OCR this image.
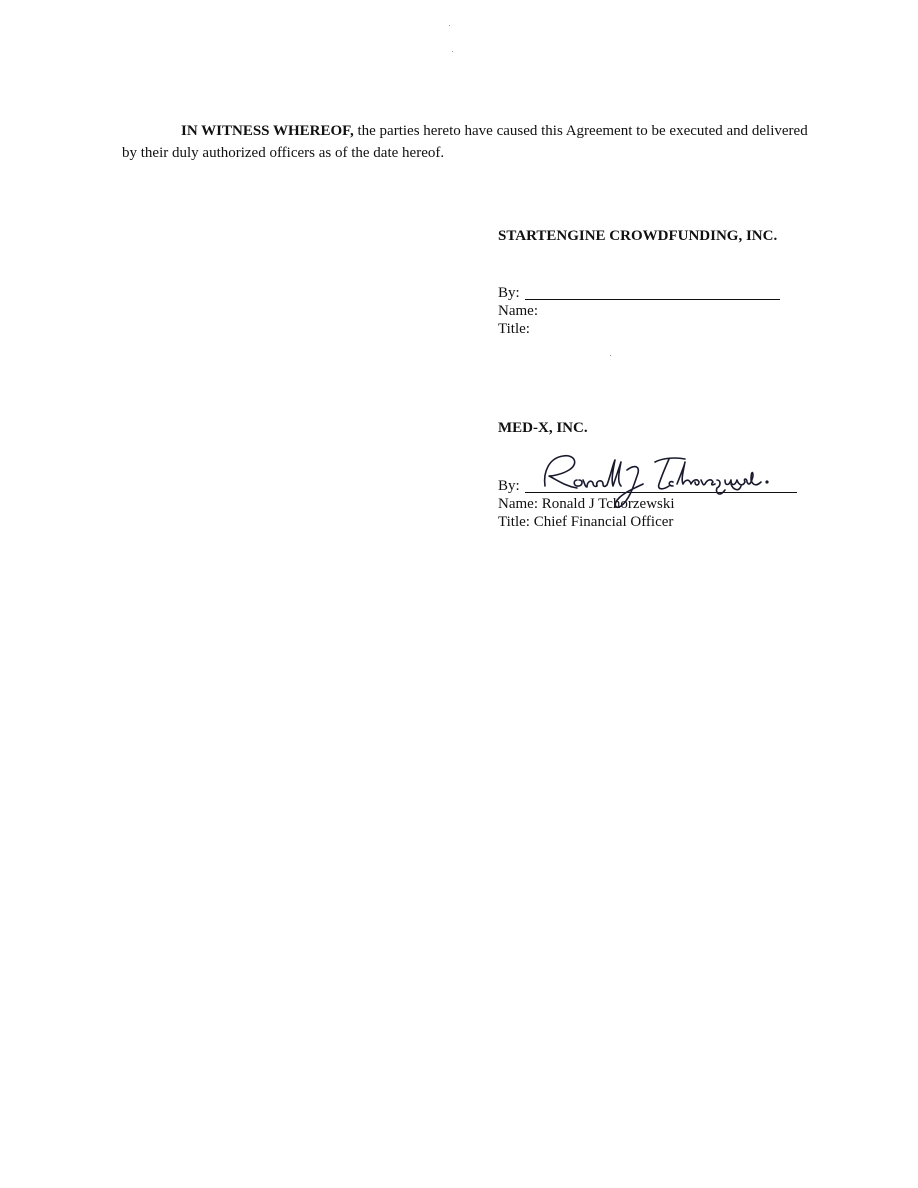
IN WITNESS WHEREOF, the parties hereto have caused this Agreement to be executed and delivered by their duly authorized officers as of the date hereof.

STARTENGINE CROWDFUNDING, INC.
By:
Name:
Title:
MED-X, INC.
By:
Name: Ronald J Tchorzewski
Title: Chief Financial Officer
